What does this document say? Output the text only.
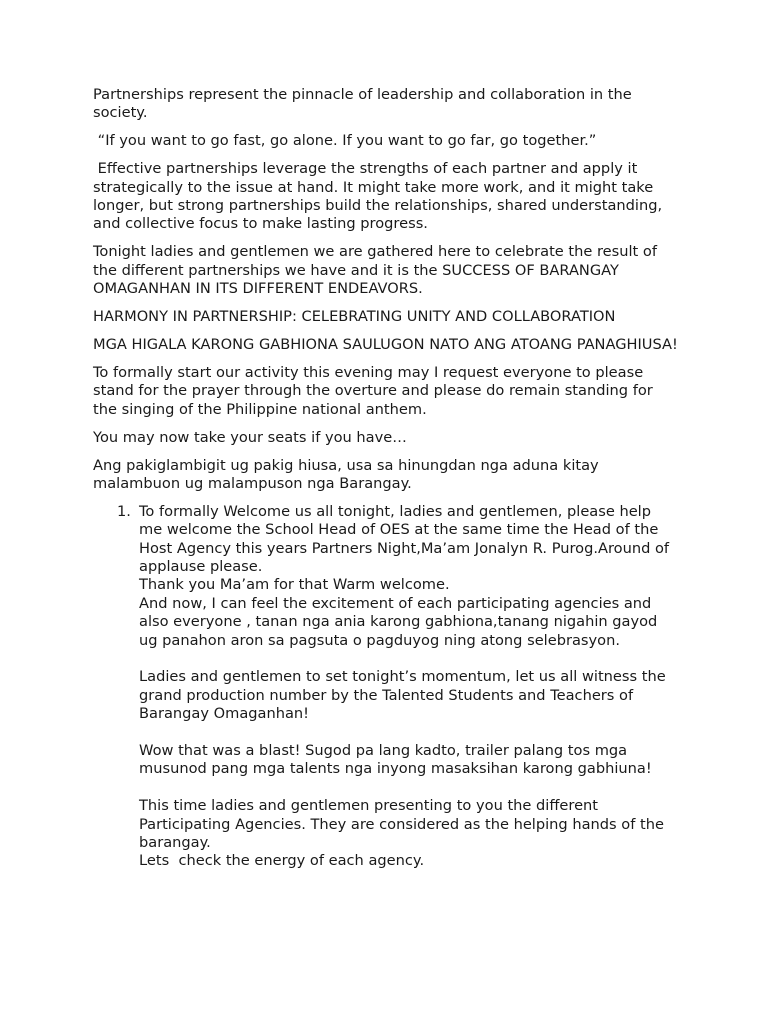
Partnerships represent the pinnacle of leadership and collaboration in the society.

“If you want to go fast, go alone. If you want to go far, go together.”

Effective partnerships leverage the strengths of each partner and apply it strategically to the issue at hand. It might take more work, and it might take longer, but strong partnerships build the relationships, shared understanding, and collective focus to make lasting progress.

Tonight ladies and gentlemen we are gathered here to celebrate the result of the different partnerships we have and it is the SUCCESS OF BARANGAY OMAGANHAN IN ITS DIFFERENT ENDEAVORS.

HARMONY IN PARTNERSHIP: CELEBRATING UNITY AND COLLABORATION

MGA HIGALA KARONG GABHIONA SAULUGON NATO ANG ATOANG PANAGHIUSA!

To formally start our activity this evening may I request everyone to please stand for the prayer through the overture and please do remain standing for the singing of the Philippine national anthem.

You may now take your seats if you have…

Ang pakiglambigit ug pakig hiusa, usa sa hinungdan nga aduna kitay malambuon ug malampuson nga Barangay.

1. To formally Welcome us all tonight, ladies and gentlemen, please help me welcome the School Head of OES at the same time the Head of the Host Agency this years Partners Night,Ma’am Jonalyn R. Purog.Around of applause please.
Thank you Ma’am for that Warm welcome.
And now, I can feel the excitement of each participating agencies and also everyone , tanan nga ania karong gabhiona,tanang nigahin gayod ug panahon aron sa pagsuta o pagduyog ning atong selebrasyon.
Ladies and gentlemen to set tonight’s momentum, let us all witness the grand production number by the Talented Students and Teachers of Barangay Omaganhan!
Wow that was a blast! Sugod pa lang kadto, trailer palang tos mga musunod pang mga talents nga inyong masaksihan karong gabhiuna!
This time ladies and gentlemen presenting to you the different Participating Agencies. They are considered as the helping hands of the barangay.
Lets  check the energy of each agency.
